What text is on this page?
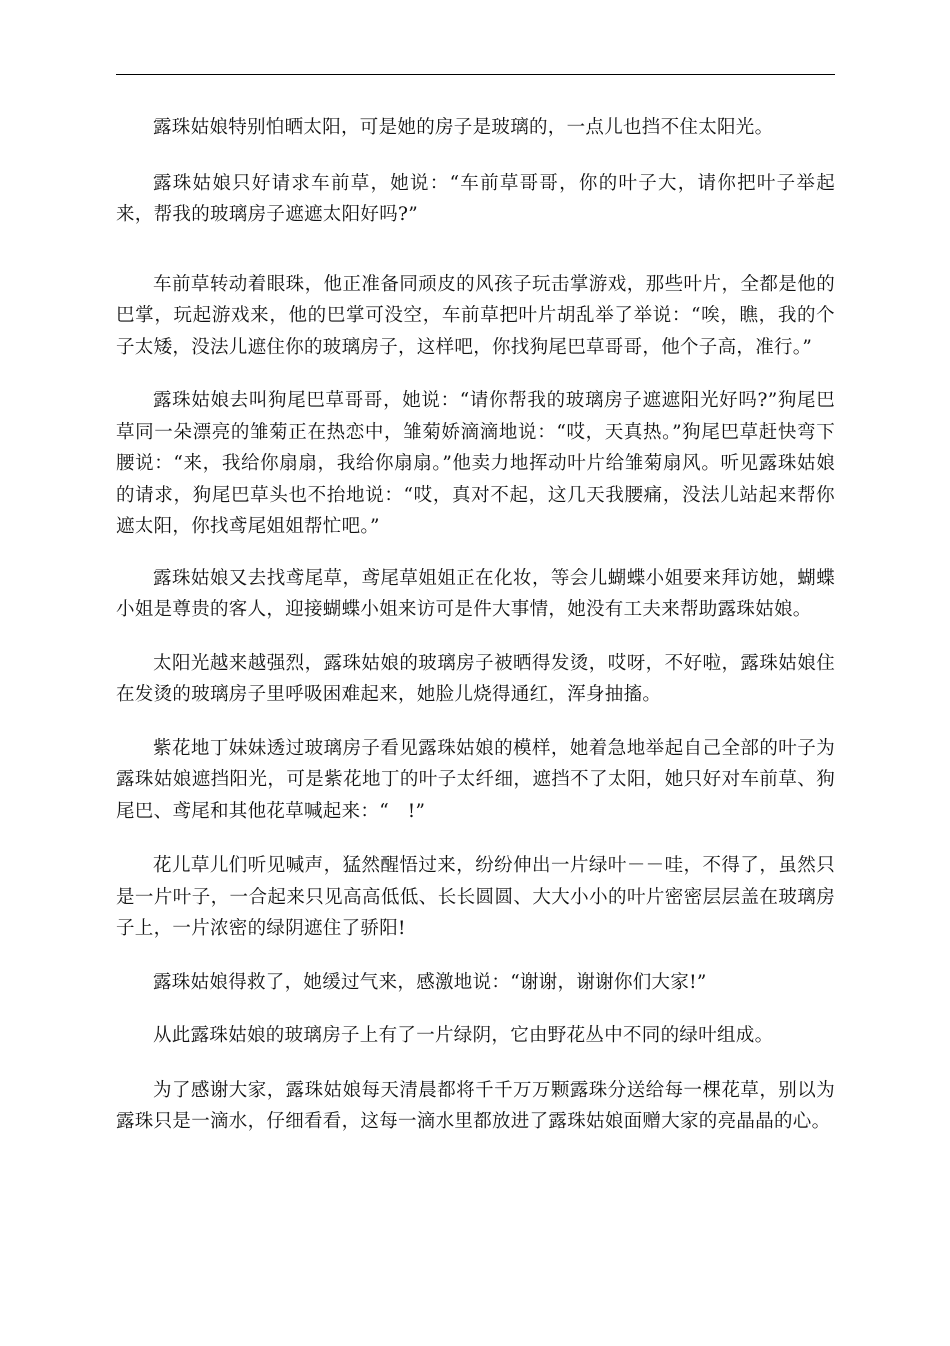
露珠姑娘特别怕晒太阳，可是她的房子是玻璃的，一点儿也挡不住太阳光。

露珠姑娘只好请求车前草，她说：“车前草哥哥，你的叶子大，请你把叶子举起来，帮我的玻璃房子遮遮太阳好吗?”

车前草转动着眼珠，他正准备同顽皮的风孩子玩击掌游戏，那些叶片，全都是他的巴掌，玩起游戏来，他的巴掌可没空，车前草把叶片胡乱举了举说：“唉，瞧，我的个子太矮，没法儿遮住你的玻璃房子，这样吧，你找狗尾巴草哥哥，他个子高，准行。”

露珠姑娘去叫狗尾巴草哥哥，她说：“请你帮我的玻璃房子遮遮阳光好吗?”狗尾巴草同一朵漂亮的雏菊正在热恋中，雏菊娇滴滴地说：“哎，天真热。”狗尾巴草赶快弯下腰说：“来，我给你扇扇，我给你扇扇。”他卖力地挥动叶片给雏菊扇风。听见露珠姑娘的请求，狗尾巴草头也不抬地说：“哎，真对不起，这几天我腰痛，没法儿站起来帮你遮太阳，你找鸢尾姐姐帮忙吧。”

露珠姑娘又去找鸢尾草，鸢尾草姐姐正在化妆，等会儿蝴蝶小姐要来拜访她，蝴蝶小姐是尊贵的客人，迎接蝴蝶小姐来访可是件大事情，她没有工夫来帮助露珠姑娘。

太阳光越来越强烈，露珠姑娘的玻璃房子被晒得发烫，哎呀，不好啦，露珠姑娘住在发烫的玻璃房子里呼吸困难起来，她脸儿烧得通红，浑身抽搐。

紫花地丁妹妹透过玻璃房子看见露珠姑娘的模样，她着急地举起自己全部的叶子为露珠姑娘遮挡阳光，可是紫花地丁的叶子太纤细，遮挡不了太阳，她只好对车前草、狗尾巴、鸢尾和其他花草喊起来：“　!”

花儿草儿们听见喊声，猛然醒悟过来，纷纷伸出一片绿叶－－哇，不得了，虽然只是一片叶子，一合起来只见高高低低、长长圆圆、大大小小的叶片密密层层盖在玻璃房子上，一片浓密的绿阴遮住了骄阳!

露珠姑娘得救了，她缓过气来，感激地说：“谢谢，谢谢你们大家!”

从此露珠姑娘的玻璃房子上有了一片绿阴，它由野花丛中不同的绿叶组成。

为了感谢大家，露珠姑娘每天清晨都将千千万万颗露珠分送给每一棵花草，别以为露珠只是一滴水，仔细看看，这每一滴水里都放进了露珠姑娘面赠大家的亮晶晶的心。
